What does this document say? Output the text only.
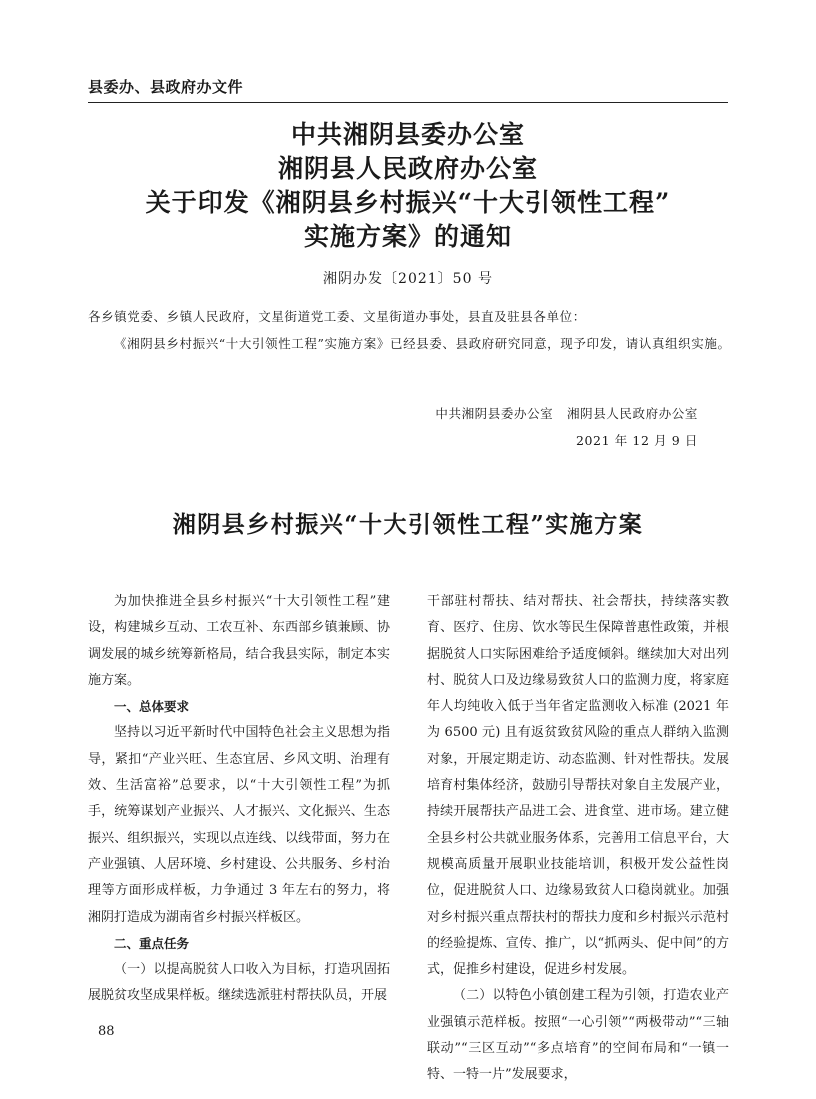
县委办、县政府办文件
中共湘阴县委办公室
湘阴县人民政府办公室
关于印发《湘阴县乡村振兴“十大引领性工程”
实施方案》的通知
湘阴办发〔2021〕50 号
各乡镇党委、乡镇人民政府，文星街道党工委、文星街道办事处，县直及驻县各单位：
《湘阴县乡村振兴“十大引领性工程”实施方案》已经县委、县政府研究同意，现予印发，请认真组织实施。
中共湘阴县委办公室   湘阴县人民政府办公室
2021 年 12 月 9 日
湘阴县乡村振兴“十大引领性工程”实施方案

为加快推进全县乡村振兴“十大引领性工程”建设，构建城乡互动、工农互补、东西部乡镇兼顾、协调发展的城乡统筹新格局，结合我县实际，制定本实施方案。

一、总体要求

坚持以习近平新时代中国特色社会主义思想为指导，紧扣“产业兴旺、生态宜居、乡风文明、治理有效、生活富裕”总要求，以“十大引领性工程”为抓手，统筹谋划产业振兴、人才振兴、文化振兴、生态振兴、组织振兴，实现以点连线、以线带面，努力在产业强镇、人居环境、乡村建设、公共服务、乡村治理等方面形成样板，力争通过 3 年左右的努力，将湘阴打造成为湖南省乡村振兴样板区。

二、重点任务

（一）以提高脱贫人口收入为目标，打造巩固拓展脱贫攻坚成果样板。继续选派驻村帮扶队员，开展

干部驻村帮扶、结对帮扶、社会帮扶，持续落实教育、医疗、住房、饮水等民生保障普惠性政策，并根据脱贫人口实际困难给予适度倾斜。继续加大对出列村、脱贫人口及边缘易致贫人口的监测力度，将家庭年人均纯收入低于当年省定监测收入标准 (2021 年为 6500 元) 且有返贫致贫风险的重点人群纳入监测对象，开展定期走访、动态监测、针对性帮扶。发展培育村集体经济，鼓励引导帮扶对象自主发展产业，持续开展帮扶产品进工会、进食堂、进市场。建立健全县乡村公共就业服务体系，完善用工信息平台，大规模高质量开展职业技能培训，积极开发公益性岗位，促进脱贫人口、边缘易致贫人口稳岗就业。加强对乡村振兴重点帮扶村的帮扶力度和乡村振兴示范村的经验提炼、宣传、推广，以“抓两头、促中间”的方式，促推乡村建设，促进乡村发展。

（二）以特色小镇创建工程为引领，打造农业产业强镇示范样板。按照“一心引领”“两极带动”“三轴联动”“三区互动”“多点培育”的空间布局和“一镇一特、一特一片”发展要求，

88
